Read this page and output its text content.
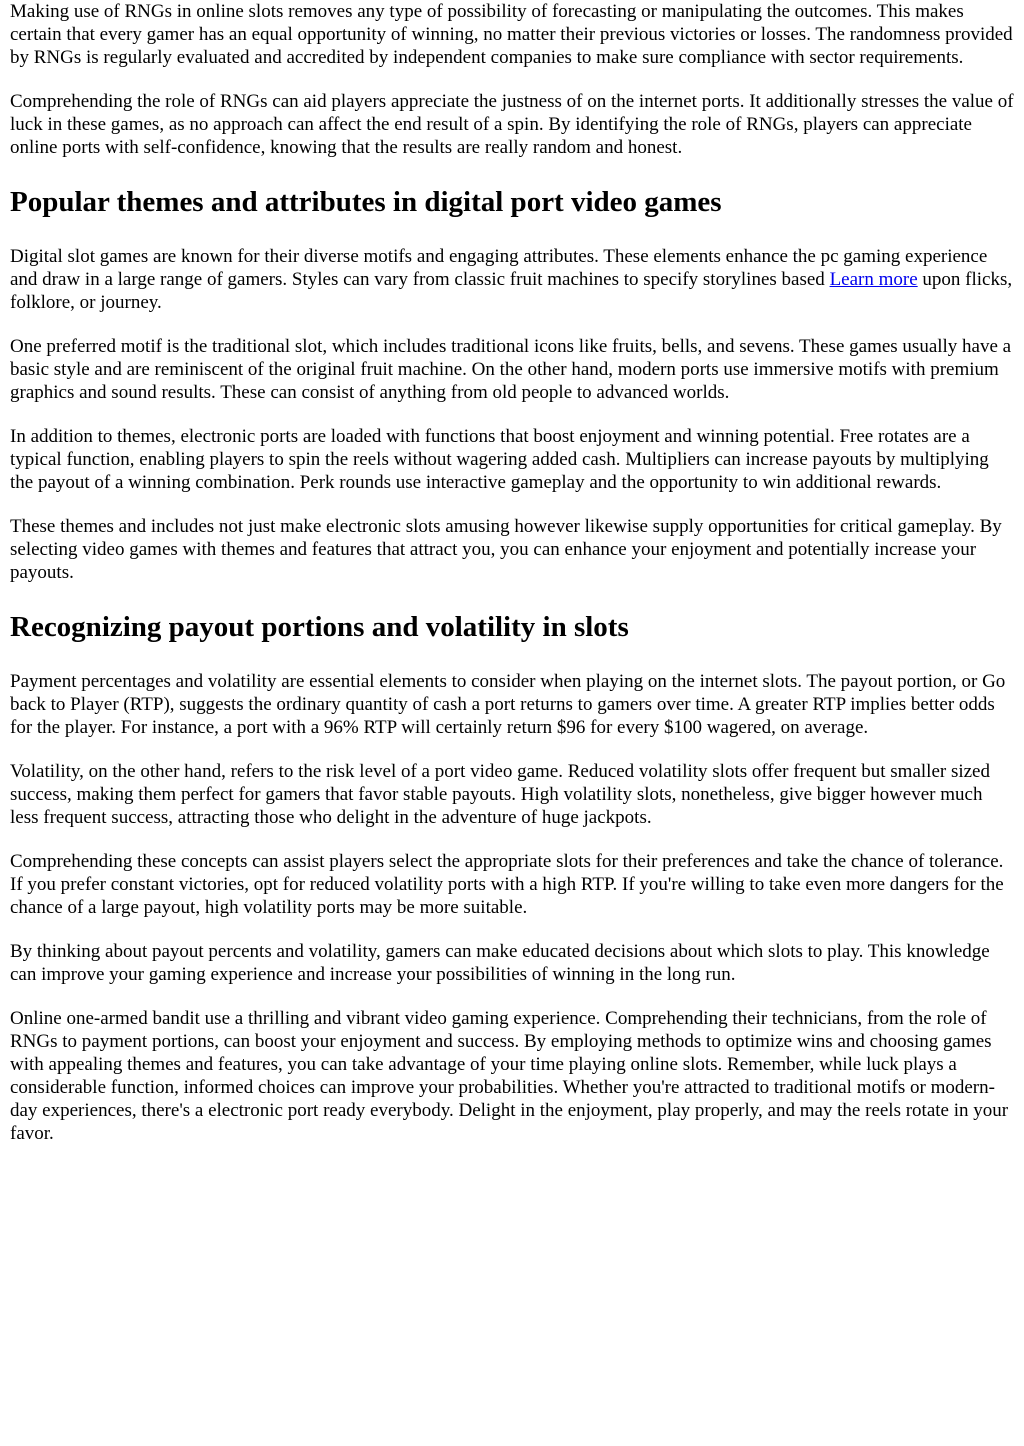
Making use of RNGs in online slots removes any type of possibility of forecasting or manipulating the outcomes. This makes certain that every gamer has an equal opportunity of winning, no matter their previous victories or losses. The randomness provided by RNGs is regularly evaluated and accredited by independent companies to make sure compliance with sector requirements.

Comprehending the role of RNGs can aid players appreciate the justness of on the internet ports. It additionally stresses the value of luck in these games, as no approach can affect the end result of a spin. By identifying the role of RNGs, players can appreciate online ports with self-confidence, knowing that the results are really random and honest.

Popular themes and attributes in digital port video games

Digital slot games are known for their diverse motifs and engaging attributes. These elements enhance the pc gaming experience and draw in a large range of gamers. Styles can vary from classic fruit machines to specify storylines based Learn more upon flicks, folklore, or journey.

One preferred motif is the traditional slot, which includes traditional icons like fruits, bells, and sevens. These games usually have a basic style and are reminiscent of the original fruit machine. On the other hand, modern ports use immersive motifs with premium graphics and sound results. These can consist of anything from old people to advanced worlds.

In addition to themes, electronic ports are loaded with functions that boost enjoyment and winning potential. Free rotates are a typical function, enabling players to spin the reels without wagering added cash. Multipliers can increase payouts by multiplying the payout of a winning combination. Perk rounds use interactive gameplay and the opportunity to win additional rewards.

These themes and includes not just make electronic slots amusing however likewise supply opportunities for critical gameplay. By selecting video games with themes and features that attract you, you can enhance your enjoyment and potentially increase your payouts.

Recognizing payout portions and volatility in slots

Payment percentages and volatility are essential elements to consider when playing on the internet slots. The payout portion, or Go back to Player (RTP), suggests the ordinary quantity of cash a port returns to gamers over time. A greater RTP implies better odds for the player. For instance, a port with a 96% RTP will certainly return $96 for every $100 wagered, on average.

Volatility, on the other hand, refers to the risk level of a port video game. Reduced volatility slots offer frequent but smaller sized success, making them perfect for gamers that favor stable payouts. High volatility slots, nonetheless, give bigger however much less frequent success, attracting those who delight in the adventure of huge jackpots.

Comprehending these concepts can assist players select the appropriate slots for their preferences and take the chance of tolerance. If you prefer constant victories, opt for reduced volatility ports with a high RTP. If you're willing to take even more dangers for the chance of a large payout, high volatility ports may be more suitable.

By thinking about payout percents and volatility, gamers can make educated decisions about which slots to play. This knowledge can improve your gaming experience and increase your possibilities of winning in the long run.

Online one-armed bandit use a thrilling and vibrant video gaming experience. Comprehending their technicians, from the role of RNGs to payment portions, can boost your enjoyment and success. By employing methods to optimize wins and choosing games with appealing themes and features, you can take advantage of your time playing online slots. Remember, while luck plays a considerable function, informed choices can improve your probabilities. Whether you're attracted to traditional motifs or modern-day experiences, there's a electronic port ready everybody. Delight in the enjoyment, play properly, and may the reels rotate in your favor.
